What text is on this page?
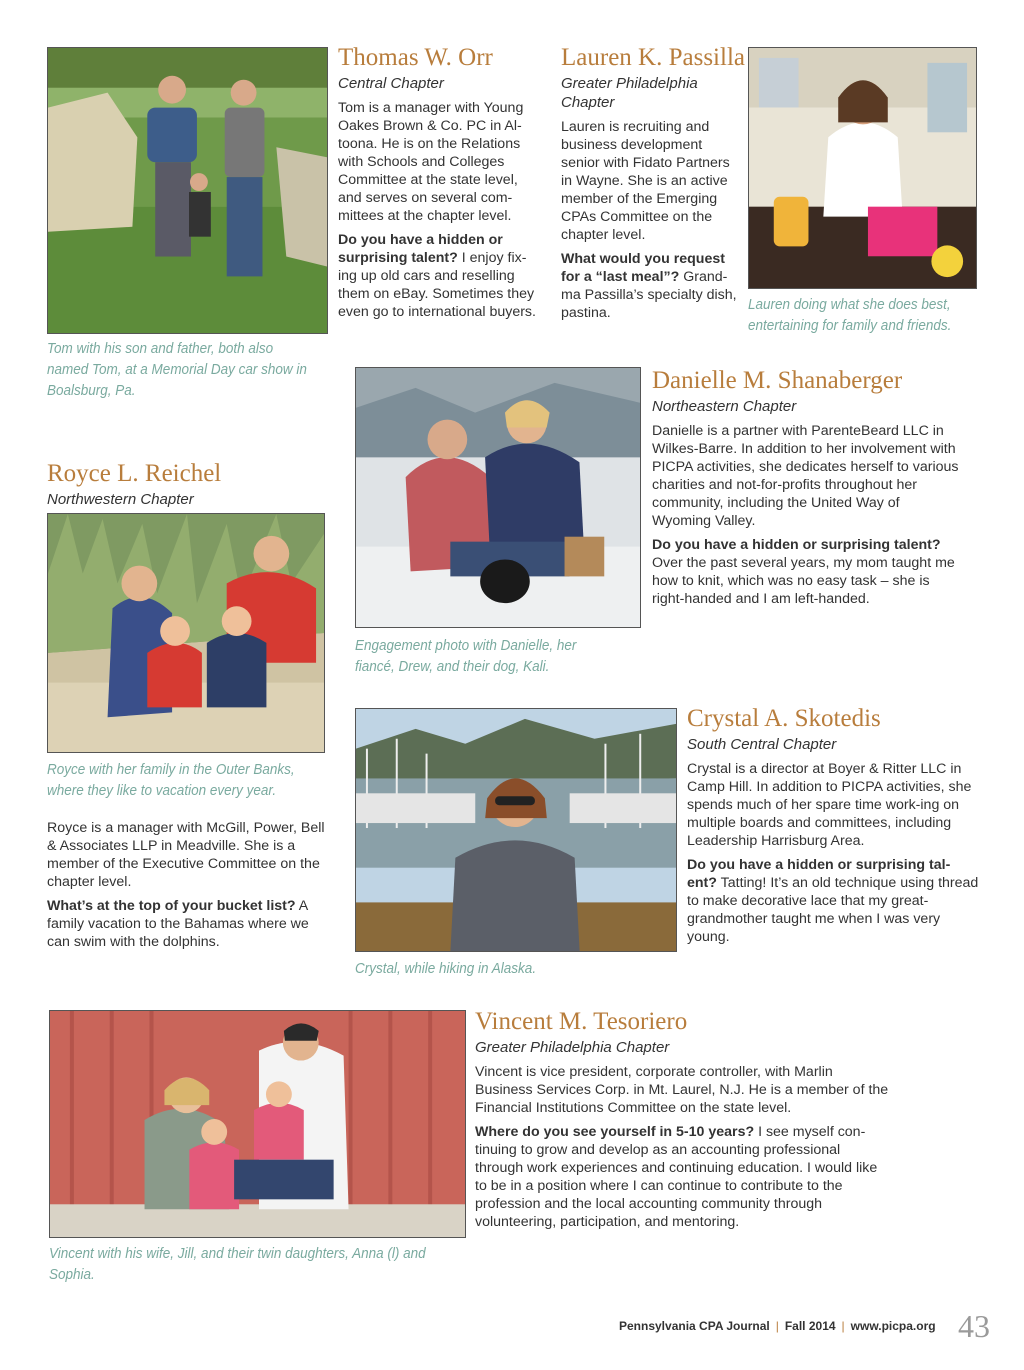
Tom with his son and father, both also named Tom, at a Memorial Day car show in Boalsburg, Pa.
Thomas W. Orr
Central Chapter

Tom is a manager with Young Oakes Brown & Co. PC in Al-toona. He is on the Relations with Schools and Colleges Committee at the state level, and serves on several com-mittees at the chapter level.

Do you have a hidden or surprising talent? I enjoy fix-ing up old cars and reselling them on eBay. Sometimes they even go to international buyers.

Lauren K. Passilla
Greater Philadelphia Chapter

Lauren is recruiting and business development senior with Fidato Partners in Wayne. She is an active member of the Emerging CPAs Committee on the chapter level.

What would you request for a “last meal”? Grand-ma Passilla’s specialty dish, pastina.	Lauren doing what she does best, entertaining for family and friends.
Engagement photo with Danielle, her fiancé, Drew, and their dog, Kali.
Danielle M. Shanaberger
Northeastern Chapter

Danielle is a partner with ParenteBeard LLC in Wilkes-Barre. In addition to her involvement with PICPA activities, she dedicates herself to various charities and not-for-profits throughout her community, including the United Way of Wyoming Valley.

Do you have a hidden or surprising talent? Over the past several years, my mom taught me how to knit, which was no easy task – she is right-handed and I am left-handed.

Royce L. Reichel
Northwestern Chapter
Royce with her family in the Outer Banks, where they like to vacation every year.

Royce is a manager with McGill, Power, Bell & Associates LLP in Meadville. She is a member of the Executive Committee on the chapter level.

What’s at the top of your bucket list? A family vacation to the Bahamas where we can swim with the dolphins.

Crystal, while hiking in Alaska.
Crystal A. Skotedis
South Central Chapter

Crystal is a director at Boyer & Ritter LLC in Camp Hill. In addition to PICPA activities, she spends much of her spare time work-ing on multiple boards and committees, including Leadership Harrisburg Area.

Do you have a hidden or surprising tal-ent? Tatting! It’s an old technique using thread to make decorative lace that my great-grandmother taught me when I was very young.

Vincent with his wife, Jill, and their twin daughters, Anna (l) and Sophia.
Vincent M. Tesoriero
Greater Philadelphia Chapter

Vincent is vice president, corporate controller, with Marlin Business Services Corp. in Mt. Laurel, N.J. He is a member of the Financial Institutions Committee on the state level.

Where do you see yourself in 5-10 years? I see myself con-tinuing to grow and develop as an accounting professional through work experiences and continuing education. I would like to be in a position where I can continue to contribute to the profession and the local accounting community through volunteering, participation, and mentoring.

Pennsylvania CPA Journal | Fall 2014 | www.picpa.org 43
